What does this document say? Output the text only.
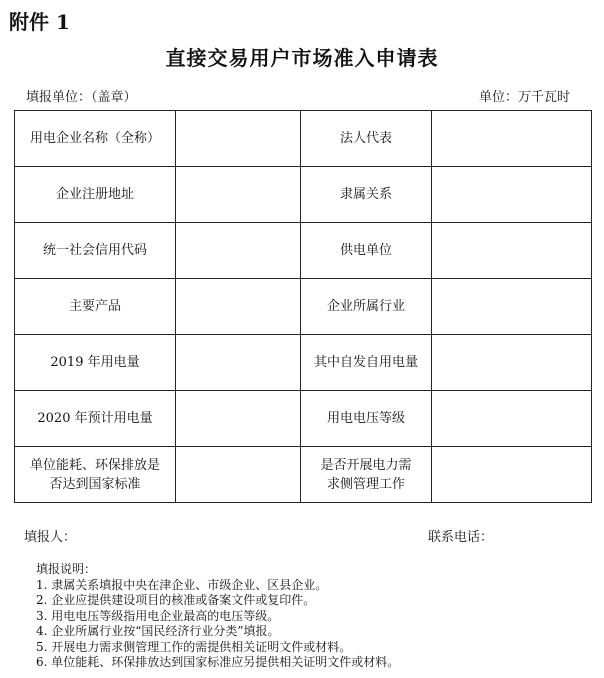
附件 1
直接交易用户市场准入申请表
填报单位：（盖章）	单位：万千瓦时
用电企业名称（全称）		法人代表	
企业注册地址		隶属关系	
统一社会信用代码		供电单位	
主要产品		企业所属行业	
2019 年用电量		其中自发自用电量	
2020 年预计用电量		用电电压等级	
单位能耗、环保排放是否达到国家标准		是否开展电力需求侧管理工作	
填报人：	联系电话：
填报说明：
1. 隶属关系填报中央在津企业、市级企业、区县企业。
2. 企业应提供建设项目的核准或备案文件或复印件。
3. 用电电压等级指用电企业最高的电压等级。
4. 企业所属行业按“国民经济行业分类”填报。
5. 开展电力需求侧管理工作的需提供相关证明文件或材料。
6. 单位能耗、环保排放达到国家标准应另提供相关证明文件或材料。
